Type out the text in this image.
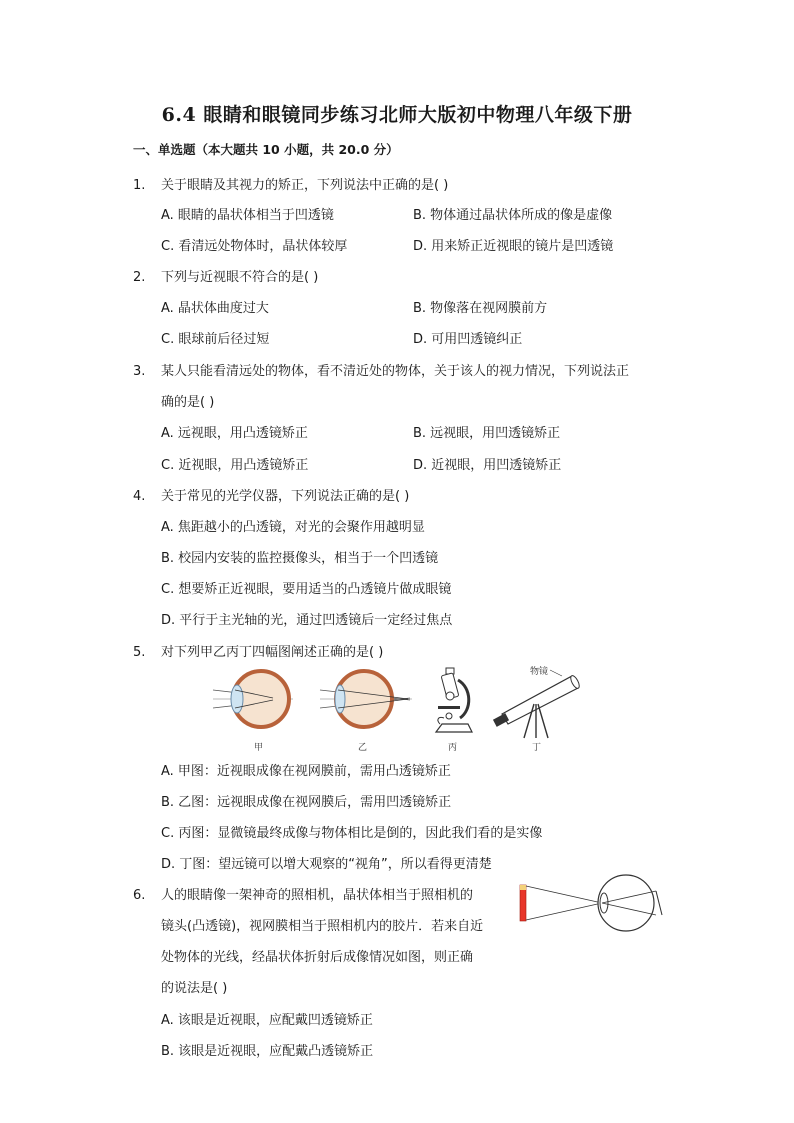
6.4 眼睛和眼镜同步练习北师大版初中物理八年级下册
一、单选题（本大题共 10 小题，共 20.0 分）
1. 关于眼睛及其视力的矫正，下列说法中正确的是( )
A. 眼睛的晶状体相当于凹透镜	B. 物体通过晶状体所成的像是虚像
C. 看清远处物体时，晶状体较厚	D. 用来矫正近视眼的镜片是凹透镜
2. 下列与近视眼不符合的是( )
A. 晶状体曲度过大	B. 物像落在视网膜前方
C. 眼球前后径过短	D. 可用凹透镜纠正
3. 某人只能看清远处的物体，看不清近处的物体，关于该人的视力情况，下列说法正
确的是( )
A. 远视眼，用凸透镜矫正	B. 远视眼，用凹透镜矫正
C. 近视眼，用凸透镜矫正	D. 近视眼，用凹透镜矫正
4. 关于常见的光学仪器，下列说法正确的是( )
A. 焦距越小的凸透镜，对光的会聚作用越明显
B. 校园内安装的监控摄像头，相当于一个凹透镜
C. 想要矫正近视眼，要用适当的凸透镜片做成眼镜
D. 平行于主光轴的光，通过凹透镜后一定经过焦点
5. 对下列甲乙丙丁四幅图阐述正确的是( )
甲	乙	丙
物镜
丁
A. 甲图：近视眼成像在视网膜前，需用凸透镜矫正
B. 乙图：远视眼成像在视网膜后，需用凹透镜矫正
C. 丙图：显微镜最终成像与物体相比是倒的，因此我们看的是实像
D. 丁图：望远镜可以增大观察的“视角”，所以看得更清楚
6. 人的眼睛像一架神奇的照相机，晶状体相当于照相机的
镜头(凸透镜)，视网膜相当于照相机内的胶片．若来自近
处物体的光线，经晶状体折射后成像情况如图，则正确
的说法是( )
A. 该眼是近视眼，应配戴凹透镜矫正
B. 该眼是近视眼，应配戴凸透镜矫正
